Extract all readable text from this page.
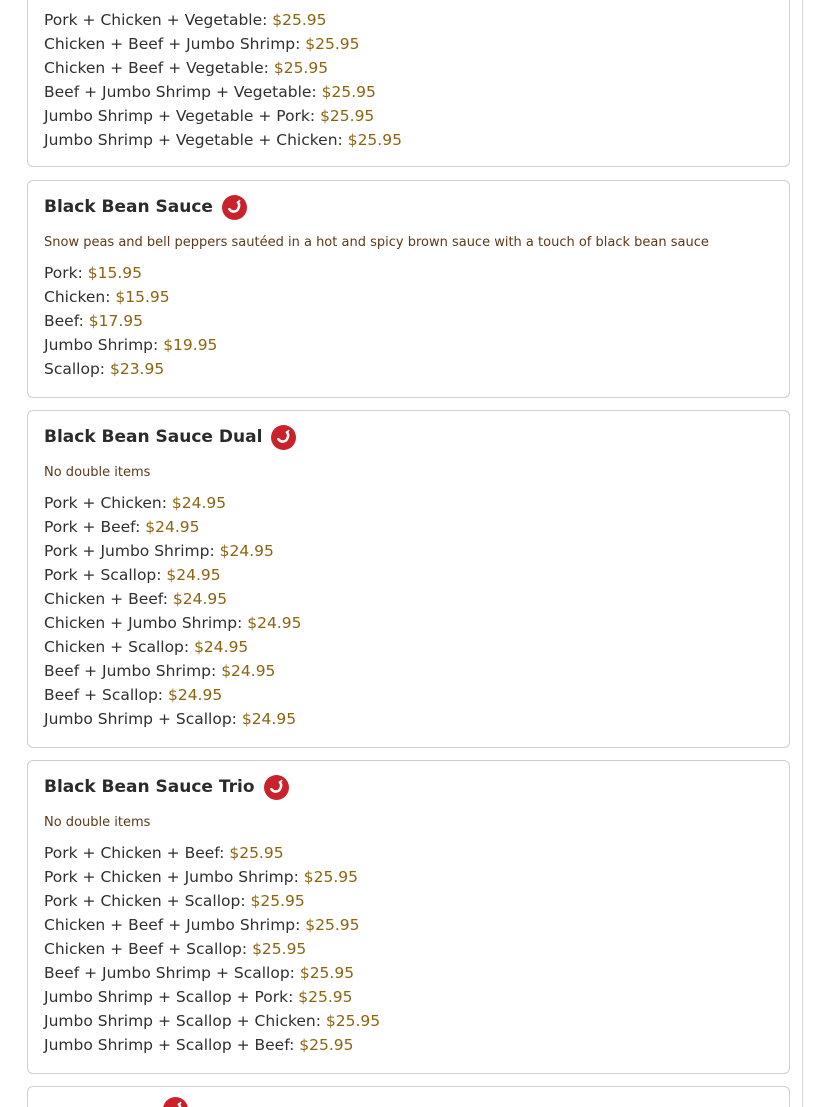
Pork + Chicken + Vegetable: $25.95
Chicken + Beef + Jumbo Shrimp: $25.95
Chicken + Beef + Vegetable: $25.95
Beef + Jumbo Shrimp + Vegetable: $25.95
Jumbo Shrimp + Vegetable + Pork: $25.95
Jumbo Shrimp + Vegetable + Chicken: $25.95
Black Bean Sauce
Snow peas and bell peppers sautéed in a hot and spicy brown sauce with a touch of black bean sauce
Pork: $15.95
Chicken: $15.95
Beef: $17.95
Jumbo Shrimp: $19.95
Scallop: $23.95
Black Bean Sauce Dual
No double items
Pork + Chicken: $24.95
Pork + Beef: $24.95
Pork + Jumbo Shrimp: $24.95
Pork + Scallop: $24.95
Chicken + Beef: $24.95
Chicken + Jumbo Shrimp: $24.95
Chicken + Scallop: $24.95
Beef + Jumbo Shrimp: $24.95
Beef + Scallop: $24.95
Jumbo Shrimp + Scallop: $24.95
Black Bean Sauce Trio
No double items
Pork + Chicken + Beef: $25.95
Pork + Chicken + Jumbo Shrimp: $25.95
Pork + Chicken + Scallop: $25.95
Chicken + Beef + Jumbo Shrimp: $25.95
Chicken + Beef + Scallop: $25.95
Beef + Jumbo Shrimp + Scallop: $25.95
Jumbo Shrimp + Scallop + Pork: $25.95
Jumbo Shrimp + Scallop + Chicken: $25.95
Jumbo Shrimp + Scallop + Beef: $25.95
